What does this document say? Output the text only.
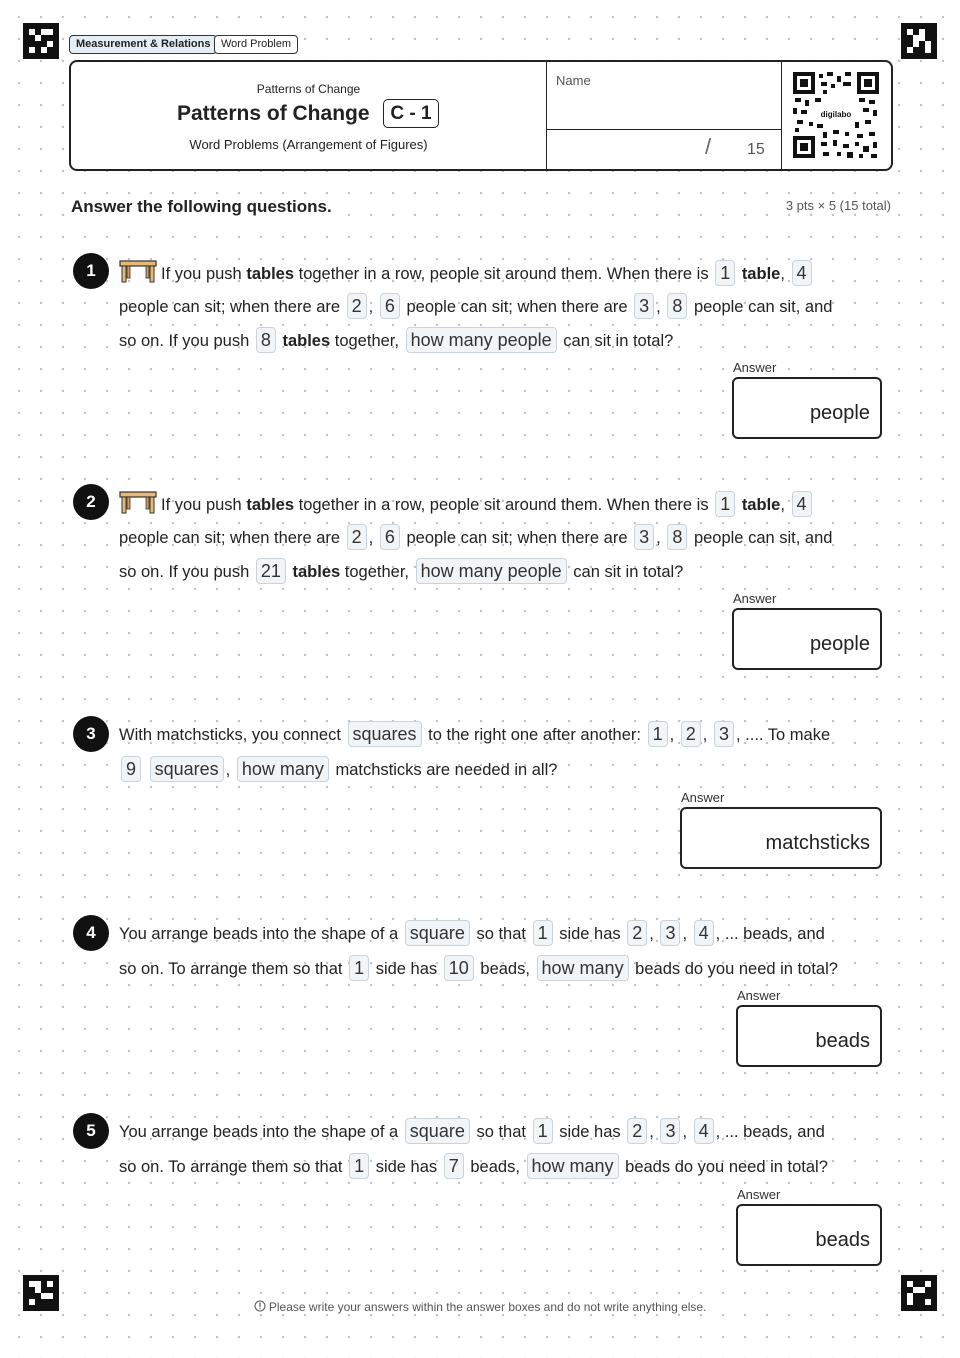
Measurement & Relations Word Problem
Patterns of Change
Patterns of Change	C - 1
Word Problems (Arrangement of Figures)
Name
/ 15
digilabo
Answer the following questions.	3 pts × 5 (15 total)
1	If you push tables together in a row, people sit around them. When there is 1 table, 4
people can sit; when there are 2 , 6 people can sit; when there are 3 , 8 people can sit, and
so on. If you push 8 tables together, how many people can sit in total?
Answer
people
2	If you push tables together in a row, people sit around them. When there is 1 table, 4
people can sit; when there are 2 , 6 people can sit; when there are 3 , 8 people can sit, and
so on. If you push 21 tables together, how many people can sit in total?
Answer
people
3	With matchsticks, you connect squares to the right one after another: 1 , 2 , 3 , .... To make
9 squares , how many matchsticks are needed in all?
Answer
matchsticks
4	You arrange beads into the shape of a square so that 1 side has 2 , 3 , 4 , ... beads, and
so on. To arrange them so that 1 side has 10 beads, how many beads do you need in total?
Answer
beads
5	You arrange beads into the shape of a square so that 1 side has 2 , 3 , 4 , ... beads, and
so on. To arrange them so that 1 side has 7 beads, how many beads do you need in total?
Answer
beads
Please write your answers within the answer boxes and do not write anything else.
